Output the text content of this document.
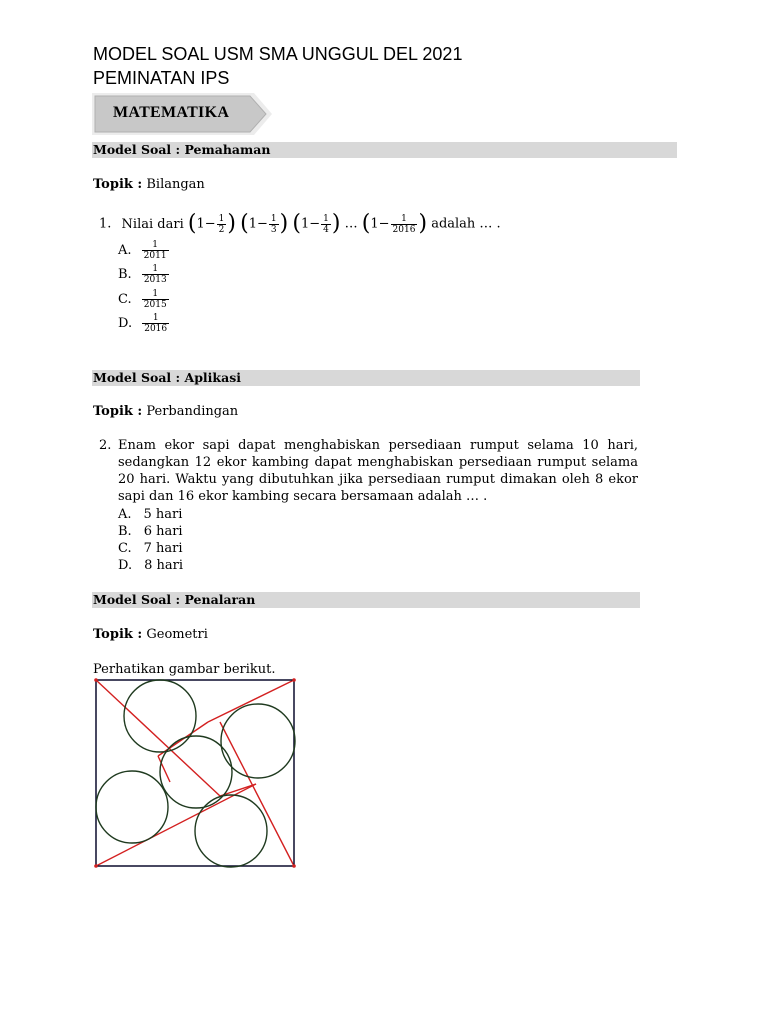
MODEL SOAL USM SMA UNGGUL DEL 2021
PEMINATAN IPS
MATEMATIKA
Model Soal : Pemahaman
Topik : Bilangan
1. Nilai dari ($1- \frac{1}{2}$ ) ($1- \frac{1}{3}$ ) ($1- \frac{1}{4}$ ) … ($1- \frac{1}{2016}$ ) adalah … .
A. $\frac{1}{2011}$
B. $\frac{1}{2013}$
C. $\frac{1}{2015}$
D. $\frac{1}{2016}$
Model Soal : Aplikasi
Topik : Perbandingan
2. Enam ekor sapi dapat menghabiskan persediaan rumput selama 10 hari,
sedangkan 12 ekor kambing dapat menghabiskan persediaan rumput selama
20 hari. Waktu yang dibutuhkan jika persediaan rumput dimakan oleh 8 ekor
sapi dan 16 ekor kambing secara bersamaan adalah … .
A. 5 hari
B. 6 hari
C. 7 hari
D. 8 hari
Model Soal : Penalaran
Topik : Geometri
Perhatikan gambar berikut.
